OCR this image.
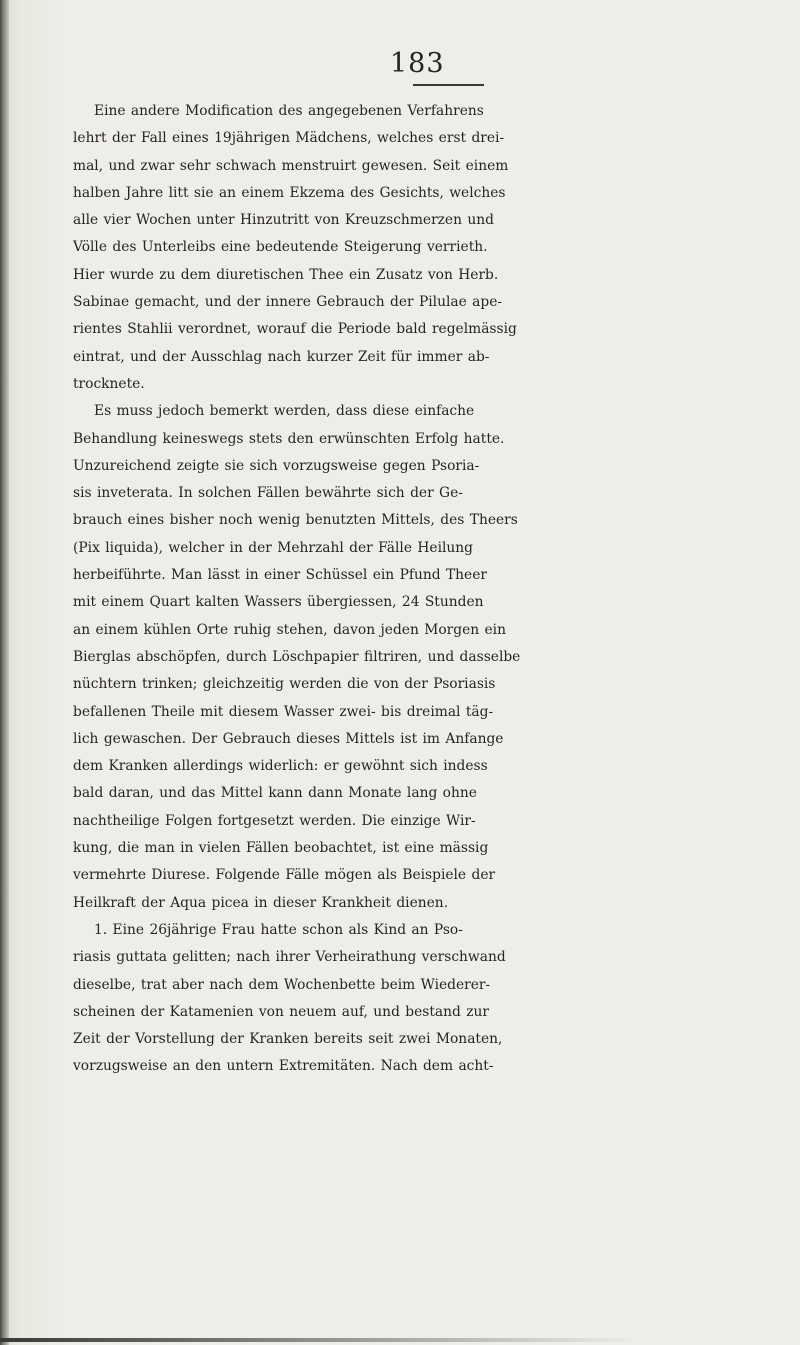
183
Eine andere Modification des angegebenen Verfahrens
lehrt der Fall eines 19jährigen Mädchens, welches erst drei-
mal, und zwar sehr schwach menstruirt gewesen. Seit einem
halben Jahre litt sie an einem Ekzema des Gesichts, welches
alle vier Wochen unter Hinzutritt von Kreuzschmerzen und
Völle des Unterleibs eine bedeutende Steigerung verrieth.
Hier wurde zu dem diuretischen Thee ein Zusatz von Herb.
Sabinae gemacht, und der innere Gebrauch der Pilulae ape-
rientes Stahlii verordnet, worauf die Periode bald regelmässig
eintrat, und der Ausschlag nach kurzer Zeit für immer ab-
trocknete.
Es muss jedoch bemerkt werden, dass diese einfache
Behandlung keineswegs stets den erwünschten Erfolg hatte.
Unzureichend zeigte sie sich vorzugsweise gegen Psoria-
sis inveterata. In solchen Fällen bewährte sich der Ge-
brauch eines bisher noch wenig benutzten Mittels, des Theers
(Pix liquida), welcher in der Mehrzahl der Fälle Heilung
herbeiführte. Man lässt in einer Schüssel ein Pfund Theer
mit einem Quart kalten Wassers übergiessen, 24 Stunden
an einem kühlen Orte ruhig stehen, davon jeden Morgen ein
Bierglas abschöpfen, durch Löschpapier filtriren, und dasselbe
nüchtern trinken; gleichzeitig werden die von der Psoriasis
befallenen Theile mit diesem Wasser zwei- bis dreimal täg-
lich gewaschen. Der Gebrauch dieses Mittels ist im Anfange
dem Kranken allerdings widerlich: er gewöhnt sich indess
bald daran, und das Mittel kann dann Monate lang ohne
nachtheilige Folgen fortgesetzt werden. Die einzige Wir-
kung, die man in vielen Fällen beobachtet, ist eine mässig
vermehrte Diurese. Folgende Fälle mögen als Beispiele der
Heilkraft der Aqua picea in dieser Krankheit dienen.
1. Eine 26jährige Frau hatte schon als Kind an Pso-
riasis guttata gelitten; nach ihrer Verheirathung verschwand
dieselbe, trat aber nach dem Wochenbette beim Wiederer-
scheinen der Katamenien von neuem auf, und bestand zur
Zeit der Vorstellung der Kranken bereits seit zwei Monaten,
vorzugsweise an den untern Extremitäten. Nach dem acht-
